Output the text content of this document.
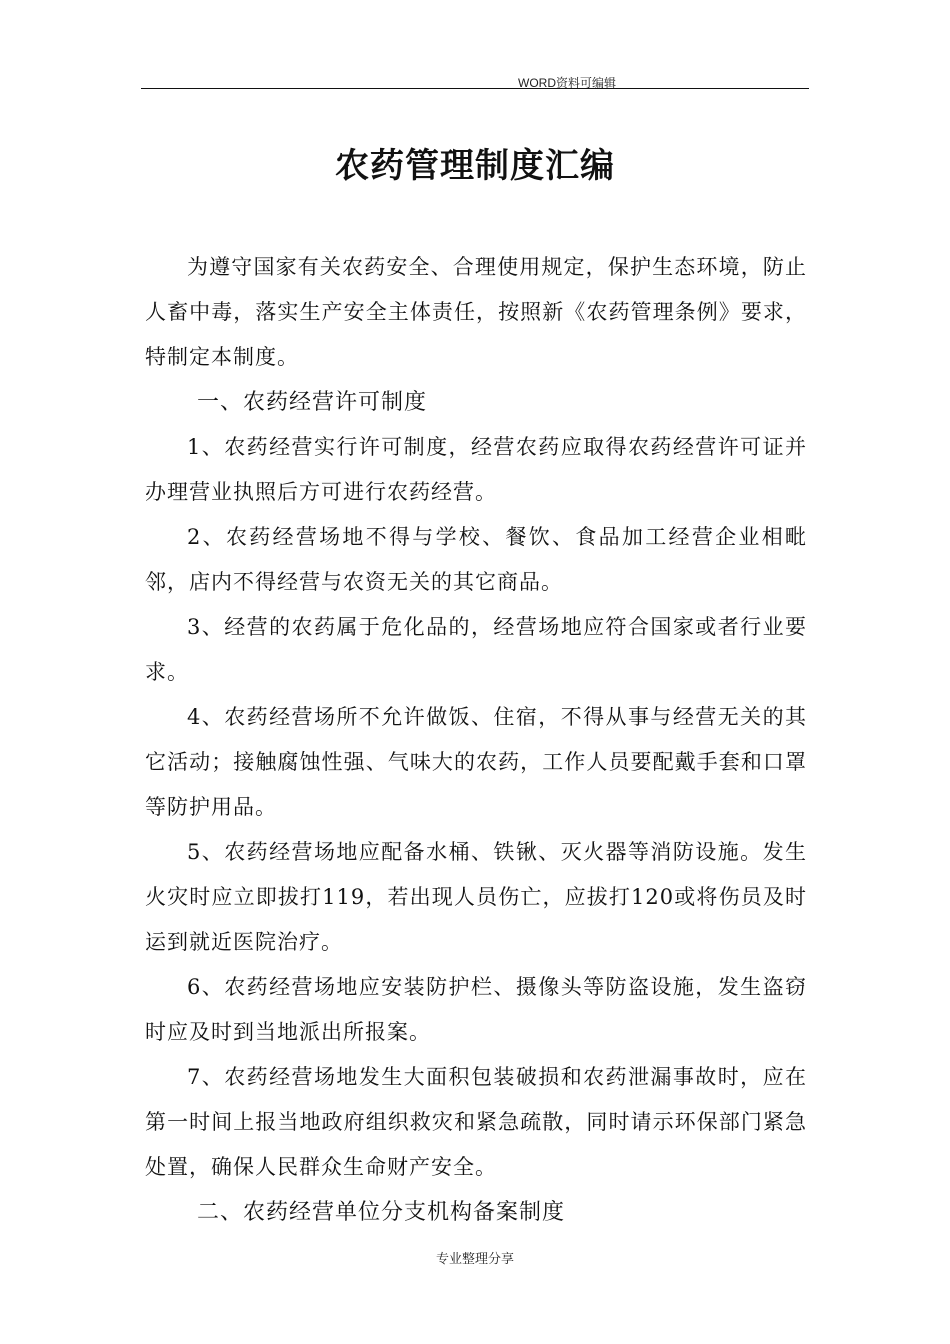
WORD资料可编辑
农药管理制度汇编

为遵守国家有关农药安全、合理使用规定，保护生态环境，防止人畜中毒，落实生产安全主体责任，按照新《农药管理条例》要求，特制定本制度。

一、农药经营许可制度

1、农药经营实行许可制度，经营农药应取得农药经营许可证并办理营业执照后方可进行农药经营。

2、农药经营场地不得与学校、餐饮、食品加工经营企业相毗邻，店内不得经营与农资无关的其它商品。

3、经营的农药属于危化品的，经营场地应符合国家或者行业要求。

4、农药经营场所不允许做饭、住宿，不得从事与经营无关的其它活动；接触腐蚀性强、气味大的农药，工作人员要配戴手套和口罩等防护用品。

5、农药经营场地应配备水桶、铁锹、灭火器等消防设施。发生火灾时应立即拔打119，若出现人员伤亡，应拔打120或将伤员及时运到就近医院治疗。

6、农药经营场地应安装防护栏、摄像头等防盗设施，发生盗窃时应及时到当地派出所报案。

7、农药经营场地发生大面积包装破损和农药泄漏事故时，应在第一时间上报当地政府组织救灾和紧急疏散，同时请示环保部门紧急处置，确保人民群众生命财产安全。

二、农药经营单位分支机构备案制度

专业整理分享
